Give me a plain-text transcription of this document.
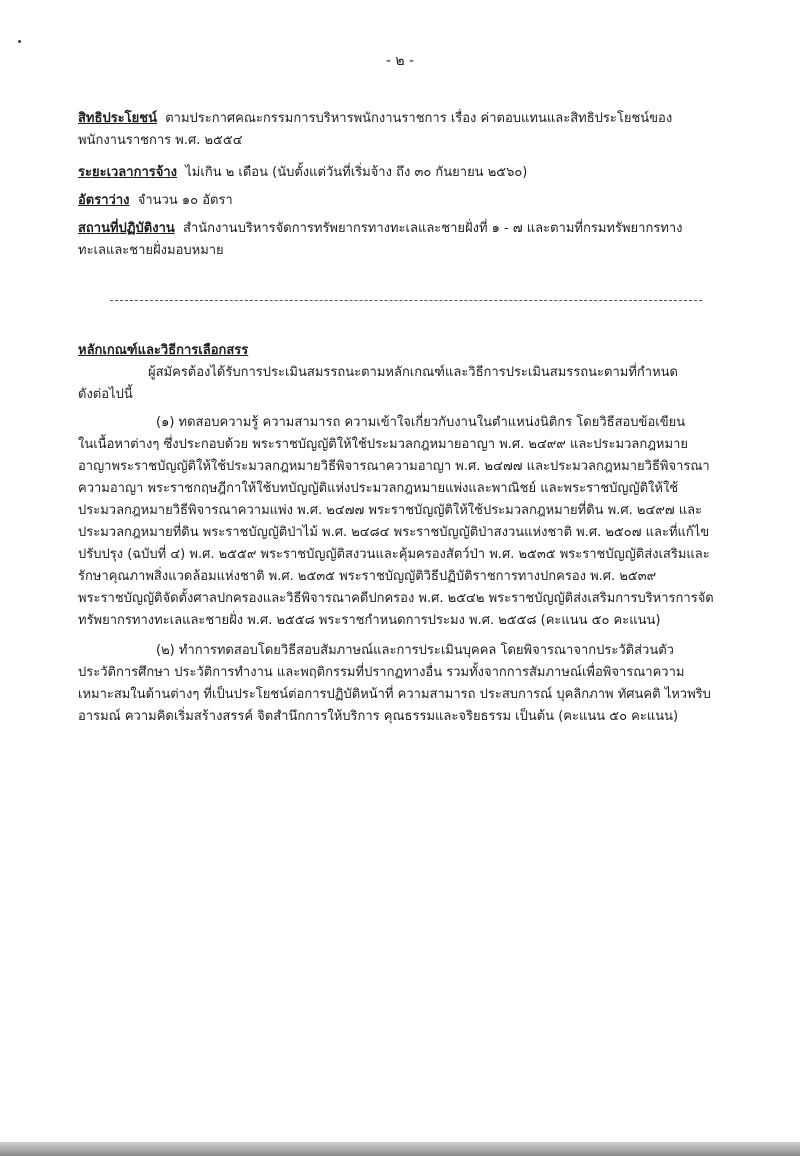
- ๒ -
สิทธิประโยชน์ ตามประกาศคณะกรรมการบริหารพนักงานราชการ เรื่อง ค่าตอบแทนและสิทธิประโยชน์ของ
พนักงานราชการ พ.ศ. ๒๕๕๔
ระยะเวลาการจ้าง ไม่เกิน ๒ เดือน (นับตั้งแต่วันที่เริ่มจ้าง ถึง ๓๐ กันยายน ๒๕๖๐)
อัตราว่าง จำนวน ๑๐ อัตรา
สถานที่ปฏิบัติงาน สำนักงานบริหารจัดการทรัพยากรทางทะเลและชายฝั่งที่ ๑ - ๗ และตามที่กรมทรัพยากรทาง
ทะเลและชายฝั่งมอบหมาย
หลักเกณฑ์และวิธีการเลือกสรร
ผู้สมัครต้องได้รับการประเมินสมรรถนะตามหลักเกณฑ์และวิธีการประเมินสมรรถนะตามที่กำหนด
ดังต่อไปนี้
(๑) ทดสอบความรู้ ความสามารถ ความเข้าใจเกี่ยวกับงานในตำแหน่งนิติกร โดยวิธีสอบข้อเขียน
ในเนื้อหาต่างๆ ซึ่งประกอบด้วย พระราชบัญญัติให้ใช้ประมวลกฎหมายอาญา พ.ศ. ๒๔๙๙ และประมวลกฎหมาย
อาญาพระราชบัญญัติให้ใช้ประมวลกฎหมายวิธีพิจารณาความอาญา พ.ศ. ๒๔๗๗ และประมวลกฎหมายวิธีพิจารณา
ความอาญา พระราชกฤษฎีกาให้ใช้บทบัญญัติแห่งประมวลกฎหมายแพ่งและพาณิชย์ และพระราชบัญญัติให้ใช้
ประมวลกฎหมายวิธีพิจารณาความแพ่ง พ.ศ. ๒๔๗๗ พระราชบัญญัติให้ใช้ประมวลกฎหมายที่ดิน พ.ศ. ๒๔๙๗ และ
ประมวลกฎหมายที่ดิน พระราชบัญญัติป่าไม้ พ.ศ. ๒๔๘๔ พระราชบัญญัติป่าสงวนแห่งชาติ พ.ศ. ๒๕๐๗ และที่แก้ไข
ปรับปรุง (ฉบับที่ ๔) พ.ศ. ๒๕๕๙ พระราชบัญญัติสงวนและคุ้มครองสัตว์ป่า พ.ศ. ๒๕๓๕ พระราชบัญญัติส่งเสริมและ
รักษาคุณภาพสิ่งแวดล้อมแห่งชาติ พ.ศ. ๒๕๓๕ พระราชบัญญัติวิธีปฏิบัติราชการทางปกครอง พ.ศ. ๒๕๓๙
พระราชบัญญัติจัดตั้งศาลปกครองและวิธีพิจารณาคดีปกครอง พ.ศ. ๒๕๔๒ พระราชบัญญัติส่งเสริมการบริหารการจัด
ทรัพยากรทางทะเลและชายฝั่ง พ.ศ. ๒๕๕๘ พระราชกำหนดการประมง พ.ศ. ๒๕๕๘ (คะแนน ๕๐ คะแนน)
(๒) ทำการทดสอบโดยวิธีสอบสัมภาษณ์และการประเมินบุคคล โดยพิจารณาจากประวัติส่วนตัว
ประวัติการศึกษา ประวัติการทำงาน และพฤติกรรมที่ปรากฏทางอื่น รวมทั้งจากการสัมภาษณ์เพื่อพิจารณาความ
เหมาะสมในด้านต่างๆ ที่เป็นประโยชน์ต่อการปฏิบัติหน้าที่ ความสามารถ ประสบการณ์ บุคลิกภาพ ทัศนคติ ไหวพริบ
อารมณ์ ความคิดเริ่มสร้างสรรค์ จิตสำนึกการให้บริการ คุณธรรมและจริยธรรม เป็นต้น (คะแนน ๕๐ คะแนน)
